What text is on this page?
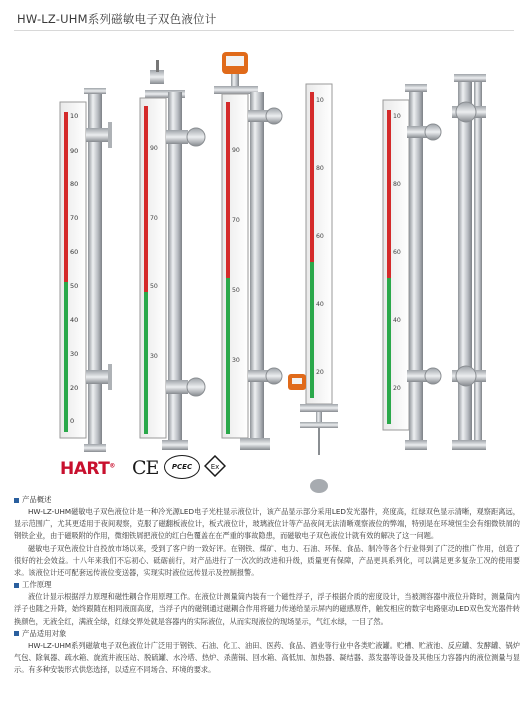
HW-LZ-UHM系列磁敏电子双色液位计
10
90
80
70
60
50
40
30
20
0
90
70
50
30
90
70
50
30
10
80
60
40
20
10
80
60
40
20
HART® CE	PCEC	Ex
产品概述

HW-LZ-UHM磁敏电子双色液位计是一种冷光源LED电子光柱显示液位计，该产品显示部分采用LED发光器件，亮度高，红绿双色显示清晰，观察距离远，显示范围广，尤其更适用于夜间观察，克服了磁翻板液位计，板式液位计，玻璃液位计等产品夜间无法清晰观察液位的弊端，特别是在环境恒尘会有细微铁屑的钢铁企业，由于磁吸附的作用，微细铁屑把液位的红白色覆盖在在严重的事故隐患，而磁敏电子双色液位计就有效的解决了这一问题。

磁敏电子双色液位计自投放市场以来，受到了客户的一致好评。在钢铁、煤矿、电力、石油、环保、食品、制冷等各个行业得到了广泛的推广作用，创造了很好的社会效益。十八年来我们不忘初心、砥砺前行，对产品进行了一次次的改进和升级，质量更有保障，产品更具系列化，可以满足更多复杂工况的使用要求。该液位计还可配套远传液位变送器，实现实时液位远传显示及控制报警。

工作原理

液位计显示根据浮力原理和磁性耦合作用原理工作。在液位计测量筒内装有一个磁性浮子，浮子根据介质的密度设计，当被测容器中液位升降时，测量筒内浮子也随之升降，始终跟随在相同液面高度，当浮子内的磁钢通过磁耦合作用将磁力传递给显示屏内的磁感原件，触发相应的数字电路驱动LED双色发光器件转换颜色，无液全红，满液全绿，红绿交界处就是容器内的实际液位，从而实现液位的现场显示，气红水绿，一目了然。

产品适用对象

HW-LZ-UHM系列磁敏电子双色液位计广泛用于钢铁、石油、化工、油田、医药、食品、酒业等行业中各类贮液罐。贮槽、贮液池、反应罐、发酵罐、锅炉气包、除氧器、疏水箱、旋流井液压站、脱硫罐、水冷塔、热炉、杀菌锅、回水箱、高低加、加热器、凝结器、蒸发器等设备及其他压力容器内的液位测量与显示。有多种安装形式供您选择，以适应不同场合、环境的要求。
